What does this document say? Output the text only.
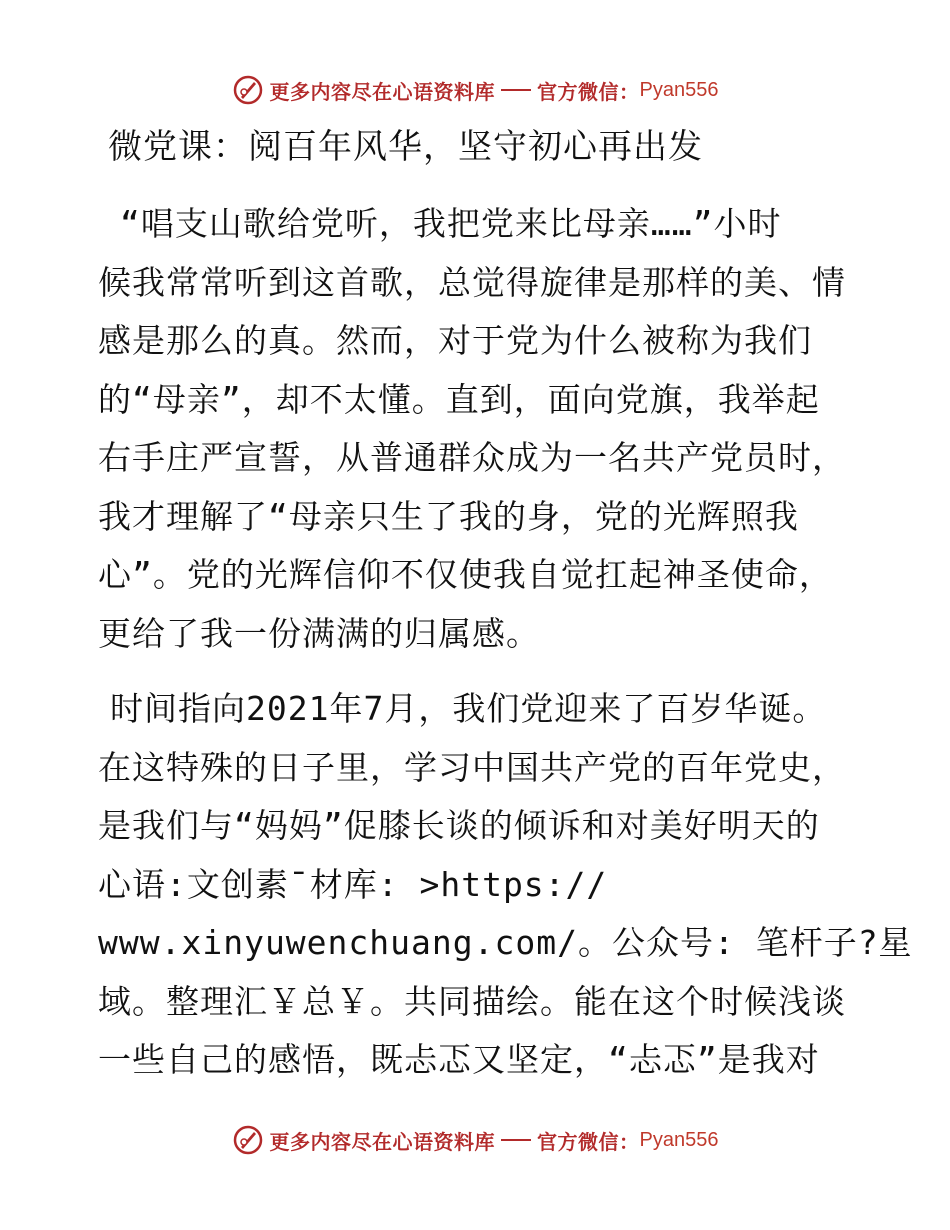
更多内容尽在心语资料库 官方微信： Pyan556
微党课：阅百年风华，坚守初心再出发
“唱支山歌给党听，我把党来比母亲……”小时
候我常常听到这首歌，总觉得旋律是那样的美、情
感是那么的真。然而，对于党为什么被称为我们
的“母亲”，却不太懂。直到，面向党旗，我举起
右手庄严宣誓，从普通群众成为一名共产党员时，
我才理解了“母亲只生了我的身，党的光辉照我
心”。党的光辉信仰不仅使我自觉扛起神圣使命，
更给了我一份满满的归属感。
时间指向2021年7月，我们党迎来了百岁华诞。
在这特殊的日子里，学习中国共产党的百年党史，
是我们与“妈妈”促膝长谈的倾诉和对美好明天的
心语:文创素¯材库: >https://
www.xinyuwenchuang.com/。公众号: 笔杆子?星
域。整理汇￥总￥。共同描绘。能在这个时候浅谈
一些自己的感悟，既忐忑又坚定，“忐忑”是我对
更多内容尽在心语资料库 官方微信： Pyan556
